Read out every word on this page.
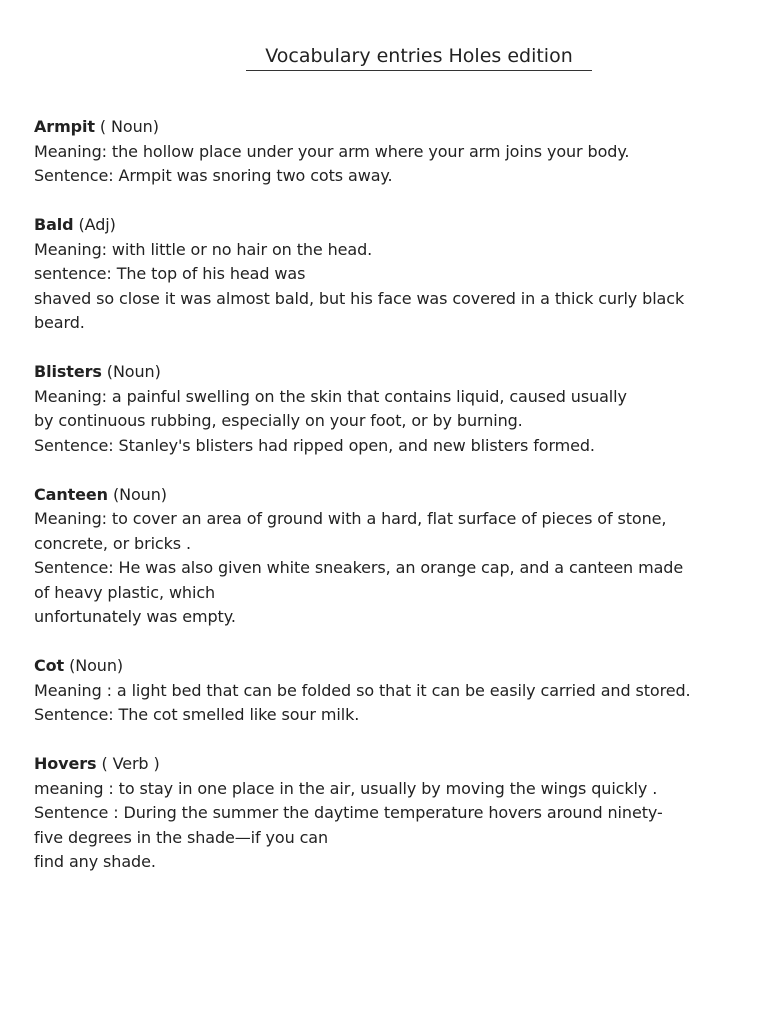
Vocabulary entries Holes edition
Armpit ( Noun)
Meaning: the hollow place under your arm where your arm joins your body.
Sentence: Armpit was snoring two cots away.
Bald (Adj)
Meaning: with little or no hair on the head.
sentence: The top of his head was
shaved so close it was almost bald, but his face was covered in a thick curly black
beard.
Blisters (Noun)
Meaning: a painful swelling on the skin that contains liquid, caused usually
by continuous rubbing, especially on your foot, or by burning.
Sentence: Stanley's blisters had ripped open, and new blisters formed.
Canteen (Noun)
Meaning: to cover an area of ground with a hard, flat surface of pieces of stone,
concrete, or bricks .
Sentence: He was also given white sneakers, an orange cap, and a canteen made
of heavy plastic, which
unfortunately was empty.
Cot (Noun)
Meaning : a light bed that can be folded so that it can be easily carried and stored.
Sentence: The cot smelled like sour milk.
Hovers ( Verb )
meaning : to stay in one place in the air, usually by moving the wings quickly .
Sentence : During the summer the daytime temperature hovers around ninety-
five degrees in the shade—if you can
find any shade.
